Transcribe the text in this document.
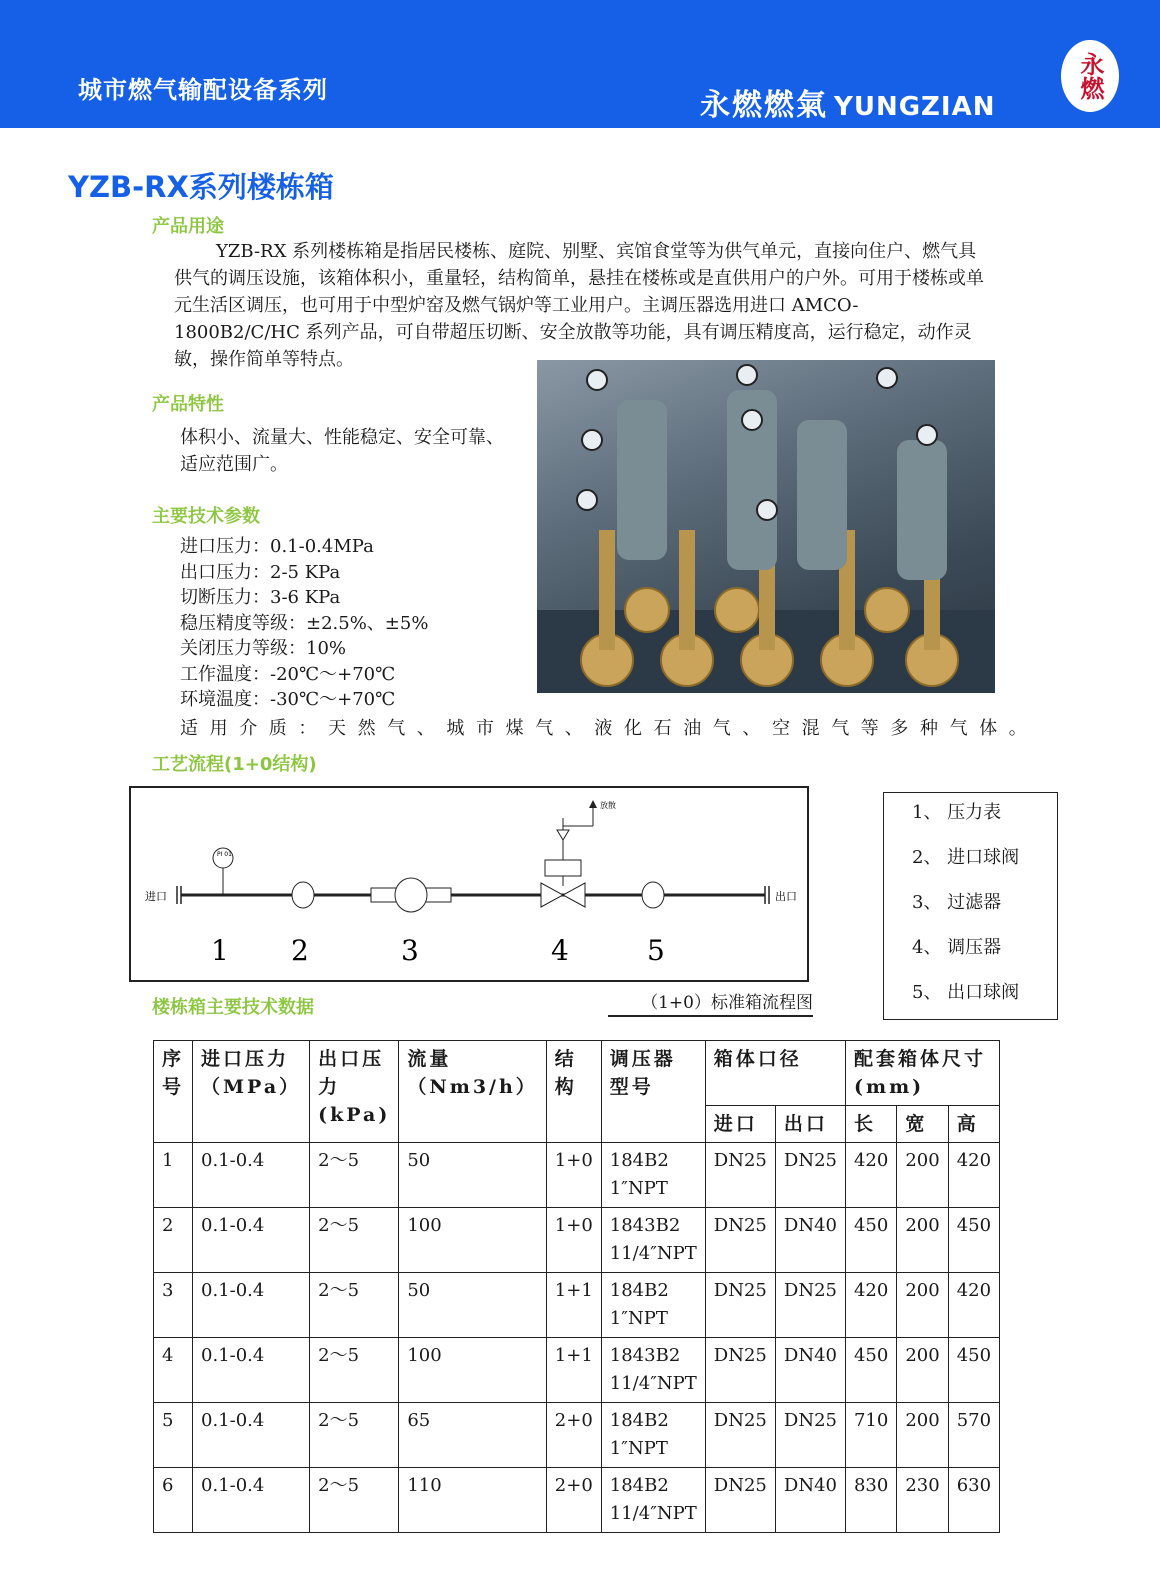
城市燃气输配设备系列	永燃燃氣 YUNGZIAN
永燃
YZB-RX系列楼栋箱
产品用途
YZB-RX 系列楼栋箱是指居民楼栋、庭院、别墅、宾馆食堂等为供气单元，直接向住户、燃气具供气的调压设施，该箱体积小，重量轻，结构简单，悬挂在楼栋或是直供用户的户外。可用于楼栋或单元生活区调压，也可用于中型炉窑及燃气锅炉等工业用户。主调压器选用进口 AMCO-1800B2/C/HC 系列产品，可自带超压切断、安全放散等功能，具有调压精度高，运行稳定，动作灵敏，操作简单等特点。
产品特性
体积小、流量大、性能稳定、安全可靠、
适应范围广。
主要技术参数
进口压力：0.1-0.4MPa
出口压力：2-5 KPa
切断压力：3-6 KPa
稳压精度等级：±2.5%、±5%
关闭压力等级：10%
工作温度：-20℃～+70℃
环境温度：-30℃～+70℃
适用介质：天然气、城市煤气、液化石油气、空混气等多种气体。
工艺流程(1+0结构)
进口	出口
PI 01
放散
1 2	3	4	5
（1+0）标准箱流程图
1、 压力表
2、 进口球阀
3、 过滤器
4、 调压器
5、 出口球阀
楼栋箱主要技术数据
序号	进口压力（MPa）	出口压力(kPa)	流量（Nm3/h）	结构	调压器型号	箱体口径		配套箱体尺寸(mm)		
						进口	出口	长	宽	高
1	0.1-0.4	2～5	50	1+0	184B2
1″NPT	DN25	DN25	420	200	420
2	0.1-0.4	2～5	100	1+0	1843B2
11/4″NPT	DN25	DN40	450	200	450
3	0.1-0.4	2～5	50	1+1	184B2
1″NPT	DN25	DN25	420	200	420
4	0.1-0.4	2～5	100	1+1	1843B2
11/4″NPT	DN25	DN40	450	200	450
5	0.1-0.4	2～5	65	2+0	184B2
1″NPT	DN25	DN25	710	200	570
6	0.1-0.4	2～5	110	2+0	184B2
11/4″NPT	DN25	DN40	830	230	630
